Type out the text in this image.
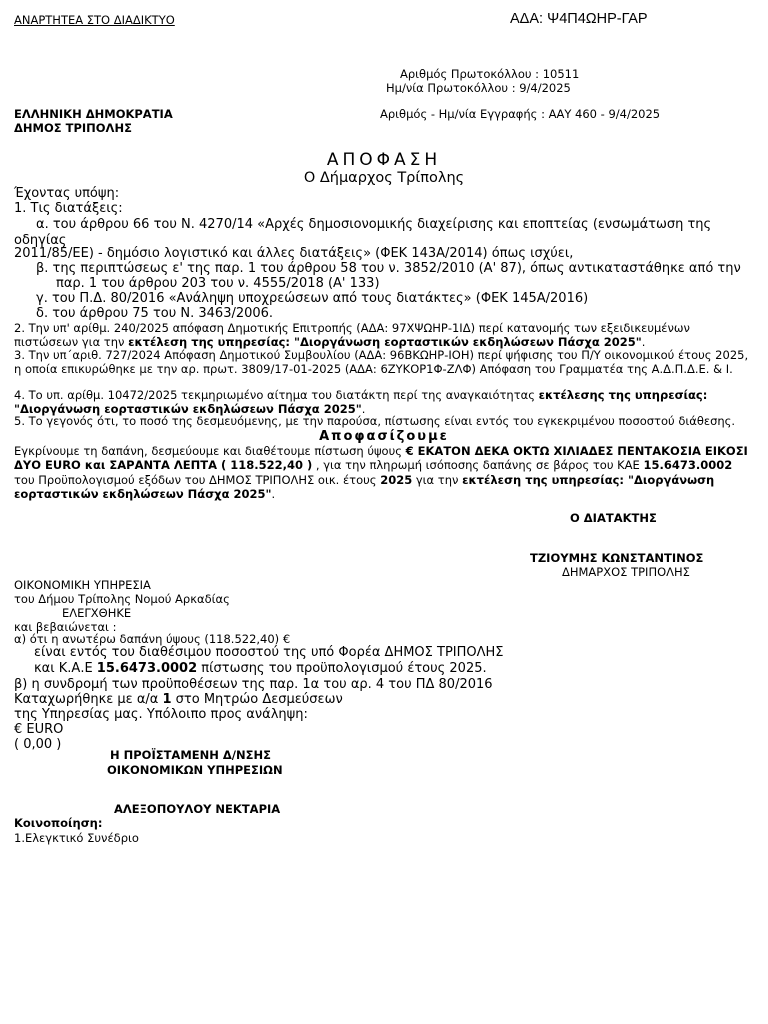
ΑΝΑΡΤΗΤΕΑ ΣΤΟ ΔΙΑΔΙΚΤΥΟ	ΑΔΑ: Ψ4Π4ΩΗΡ-ΓΑΡ
Αριθμός Πρωτοκόλλου : 10511
Ημ/νία Πρωτοκόλλου : 9/4/2025
ΕΛΛΗΝΙΚΗ ΔΗΜΟΚΡΑΤΙΑ
ΔΗΜΟΣ ΤΡΙΠΟΛΗΣ
Αριθμός - Ημ/νία Εγγραφής : ΑΑΥ 460 - 9/4/2025
ΑΠΟΦΑΣΗ
Ο Δήμαρχος Τρίπολης
Έχοντας υπόψη:
1. Τις διατάξεις:
α. του άρθρου 66 του Ν. 4270/14 «Αρχές δημοσιονομικής διαχείρισης και εποπτείας (ενσωμάτωση της οδηγίας
2011/85/ΕΕ) - δημόσιο λογιστικό και άλλες διατάξεις» (ΦΕΚ 143Α/2014) όπως ισχύει,
β. της περιπτώσεως ε' της παρ. 1 του άρθρου 58 του ν. 3852/2010 (Α' 87), όπως αντικαταστάθηκε από την
παρ. 1 του άρθρου 203 του ν. 4555/2018 (Α' 133)
γ. του Π.Δ. 80/2016 «Ανάληψη υποχρεώσεων από τους διατάκτες» (ΦΕΚ 145Α/2016)
δ. του άρθρου 75 του Ν. 3463/2006.
2. Την υπ' αρίθμ. 240/2025 απόφαση Δημοτικής Επιτροπής (ΑΔΑ: 97ΧΨΩΗΡ-1ΙΔ) περί κατανομής των εξειδικευμένων πιστώσεων για την εκτέλεση της υπηρεσίας: "Διοργάνωση εορταστικών εκδηλώσεων Πάσχα 2025".
3. Την υπ΄αριθ. 727/2024 Απόφαση Δημοτικού Συμβουλίου (ΑΔΑ: 96ΒΚΩΗΡ-ΙΟΗ) περί ψήφισης του Π/Υ οικονομικού έτους 2025, η οποία επικυρώθηκε με την αρ. πρωτ. 3809/17-01-2025 (ΑΔΑ: 6ΖΥΚΟΡ1Φ-ΖΛΦ) Απόφαση του Γραμματέα της Α.Δ.Π.Δ.Ε. & Ι.
4. Το υπ. αρίθμ. 10472/2025 τεκμηριωμένο αίτημα του διατάκτη περί της αναγκαιότητας εκτέλεσης της υπηρεσίας: "Διοργάνωση εορταστικών εκδηλώσεων Πάσχα 2025".
5. Το γεγονός ότι, το ποσό της δεσμευόμενης, με την παρούσα, πίστωσης είναι εντός του εγκεκριμένου ποσοστού διάθεσης.
Αποφασίζουμε
Εγκρίνουμε τη δαπάνη, δεσμεύουμε και διαθέτουμε πίστωση ύψους € ΕΚΑΤΟΝ ΔΕΚΑ ΟΚΤΩ ΧΙΛΙΑΔΕΣ ΠΕΝΤΑΚΟΣΙΑ ΕΙΚΟΣΙ ΔΥΟ EURO και ΣΑΡΑΝΤΑ ΛΕΠΤΑ ( 118.522,40 ) , για την πληρωμή ισόποσης δαπάνης σε βάρος του ΚΑΕ 15.6473.0002 του Προϋπολογισμού εξόδων του ΔΗΜΟΣ ΤΡΙΠΟΛΗΣ οικ. έτους 2025 για την εκτέλεση της υπηρεσίας: "Διοργάνωση εορταστικών εκδηλώσεων Πάσχα 2025".
Ο ΔΙΑΤΑΚΤΗΣ
ΤΖΙΟΥΜΗΣ ΚΩΝΣΤΑΝΤΙΝΟΣ
ΔΗΜΑΡΧΟΣ ΤΡΙΠΟΛΗΣ
ΟΙΚΟΝΟΜΙΚΗ ΥΠΗΡΕΣΙΑ
του Δήμου Τρίπολης Νομού Αρκαδίας
ΕΛΕΓΧΘΗΚΕ
και βεβαιώνεται :
α) ότι η ανωτέρω δαπάνη ύψους (118.522,40) €
είναι εντός του διαθέσιμου ποσοστού της υπό Φορέα ΔΗΜΟΣ ΤΡΙΠΟΛΗΣ
και Κ.Α.Ε 15.6473.0002 πίστωσης του προϋπολογισμού έτους 2025.
β) η συνδρομή των προϋποθέσεων της παρ. 1α του αρ. 4 του ΠΔ 80/2016
Καταχωρήθηκε με α/α 1 στο Μητρώο Δεσμεύσεων
της Υπηρεσίας μας. Υπόλοιπο προς ανάληψη:
€ EURO
( 0,00 )
Η ΠΡΟΪΣΤΑΜΕΝΗ Δ/ΝΣΗΣ
ΟΙΚΟΝΟΜΙΚΩΝ ΥΠΗΡΕΣΙΩΝ
ΑΛΕΞΟΠΟΥΛΟΥ ΝΕΚΤΑΡΙΑ
Κοινοποίηση:
1.Ελεγκτικό Συνέδριο
